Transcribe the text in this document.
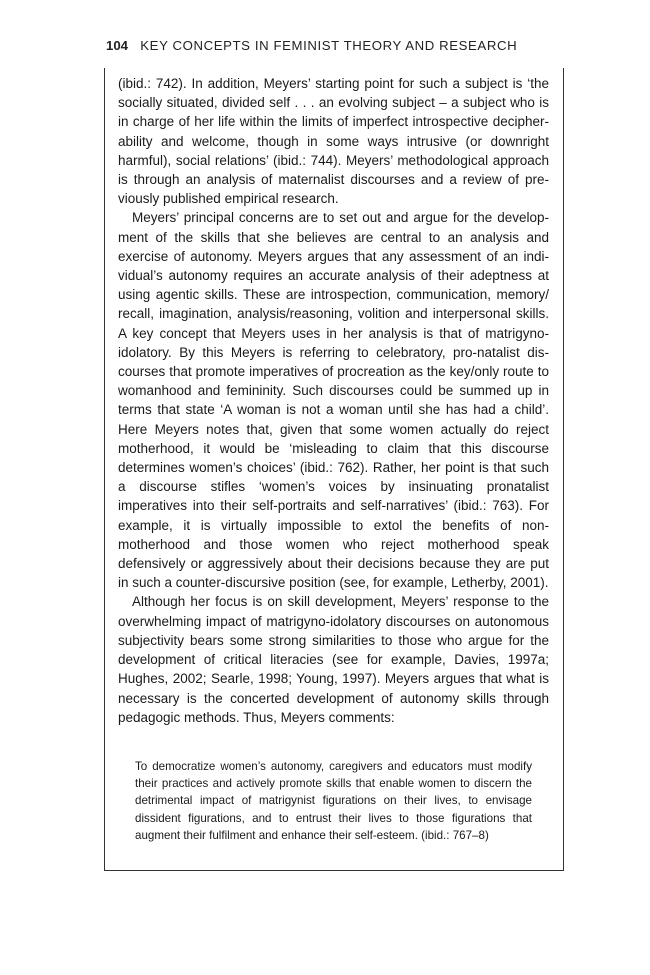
104 KEY CONCEPTS IN FEMINIST THEORY AND RESEARCH

(ibid.: 742). In addition, Meyers’ starting point for such a subject is ‘the socially situated, divided self . . . an evolving subject – a subject who is in charge of her life within the limits of imperfect introspective decipherability and welcome, though in some ways intrusive (or downright harmful), social relations’ (ibid.: 744). Meyers’ methodological approach is through an analysis of maternalist discourses and a review of previously published empirical research.

Meyers’ principal concerns are to set out and argue for the development of the skills that she believes are central to an analysis and exercise of autonomy. Meyers argues that any assessment of an individual’s autonomy requires an accurate analysis of their adeptness at using agentic skills. These are introspection, communication, memory/ recall, imagination, analysis/reasoning, volition and interpersonal skills. A key concept that Meyers uses in her analysis is that of matrigyno-idolatory. By this Meyers is referring to celebratory, pro-natalist discourses that promote imperatives of procreation as the key/only route to womanhood and femininity. Such discourses could be summed up in terms that state ‘A woman is not a woman until she has had a child’. Here Meyers notes that, given that some women actually do reject motherhood, it would be ‘misleading to claim that this discourse determines women’s choices’ (ibid.: 762). Rather, her point is that such a discourse stifles ‘women’s voices by insinuating pronatalist imperatives into their self-portraits and self-narratives’ (ibid.: 763). For example, it is virtually impossible to extol the benefits of non-motherhood and those women who reject motherhood speak defensively or aggressively about their decisions because they are put in such a counter-discursive position (see, for example, Letherby, 2001).

Although her focus is on skill development, Meyers’ response to the overwhelming impact of matrigyno-idolatory discourses on autonomous subjectivity bears some strong similarities to those who argue for the development of critical literacies (see for example, Davies, 1997a; Hughes, 2002; Searle, 1998; Young, 1997). Meyers argues that what is necessary is the concerted development of autonomy skills through pedagogic methods. Thus, Meyers comments:

To democratize women’s autonomy, caregivers and educators must modify their practices and actively promote skills that enable women to discern the detrimental impact of matrigynist figurations on their lives, to envisage dissident figurations, and to entrust their lives to those figurations that augment their fulfilment and enhance their self-esteem. (ibid.: 767–8)
